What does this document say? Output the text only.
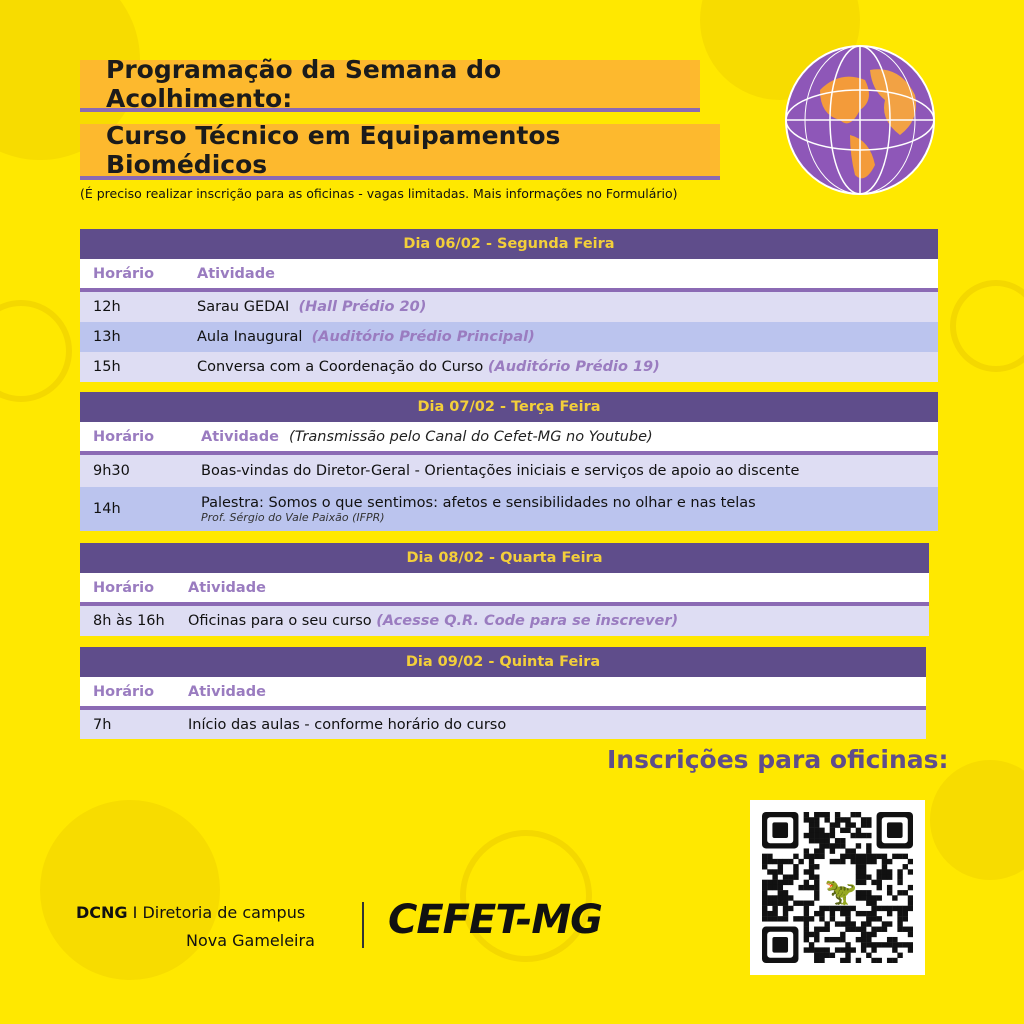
Programação da Semana do Acolhimento:
Curso Técnico em Equipamentos Biomédicos
(É preciso realizar inscrição para as oficinas - vagas limitadas. Mais informações no Formulário)
Dia 06/02 - Segunda Feira
Horário	Atividade
12h	Sarau GEDAI (Hall Prédio 20)
13h	Aula Inaugural (Auditório Prédio Principal)
15h	Conversa com a Coordenação do Curso (Auditório Prédio 19)
Dia 07/02 - Terça Feira
Horário	Atividade (Transmissão pelo Canal do Cefet-MG no Youtube)
9h30	Boas-vindas do Diretor-Geral - Orientações iniciais e serviços de apoio ao discente
14h	Palestra: Somos o que sentimos: afetos e sensibilidades no olhar e nas telas
Prof. Sérgio do Vale Paixão (IFPR)
Dia 08/02 - Quarta Feira
Horário	Atividade
8h às 16h	Oficinas para o seu curso (Acesse Q.R. Code para se inscrever)
Dia 09/02 - Quinta Feira
Horário	Atividade
7h	Início das aulas - conforme horário do curso
Inscrições para oficinas:
🦖
DCNG I Diretoria de campus
Nova Gameleira CEFET-MG
